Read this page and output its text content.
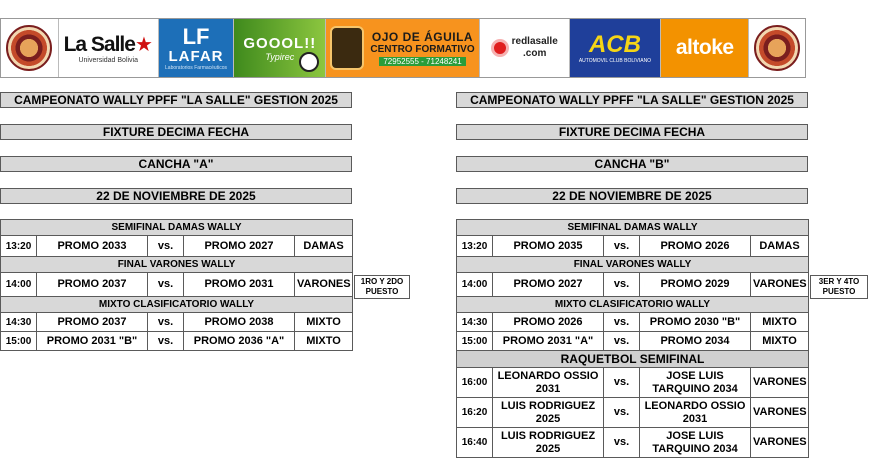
La Salle★
Universidad Bolivia
LF
LAFAR
Laboratorios Farmacéuticos
GOOOL!!
Typirec
OJO DE ÁGUILA
CENTRO FORMATIVO
72952555 - 71248241
redlasalle
.com	ACB
AUTOMOVIL CLUB BOLIVIANO
altoke
CAMPEONATO WALLY PPFF "LA SALLE" GESTION 2025
FIXTURE DECIMA FECHA
CANCHA "A"
22 DE NOVIEMBRE DE 2025
SEMIFINAL DAMAS WALLY				
13:20	PROMO 2033	vs.	PROMO 2027	DAMAS
FINAL VARONES WALLY				
14:00	PROMO 2037	vs.	PROMO 2031	VARONES
MIXTO CLASIFICATORIO WALLY				
14:30	PROMO 2037	vs.	PROMO 2038	MIXTO
15:00	PROMO 2031 "B"	vs.	PROMO 2036 "A"	MIXTO
1RO Y 2DO PUESTO
CAMPEONATO WALLY PPFF "LA SALLE" GESTION 2025
FIXTURE DECIMA FECHA
CANCHA "B"
22 DE NOVIEMBRE DE 2025
SEMIFINAL DAMAS WALLY				
13:20	PROMO 2035	vs.	PROMO 2026	DAMAS
FINAL VARONES WALLY				
14:00	PROMO 2027	vs.	PROMO 2029	VARONES
MIXTO CLASIFICATORIO WALLY				
14:30	PROMO 2026	vs.	PROMO 2030 "B"	MIXTO
15:00	PROMO 2031 "A"	vs.	PROMO 2034	MIXTO
RAQUETBOL SEMIFINAL				
16:00	LEONARDO OSSIO 2031	vs.	JOSE LUIS TARQUINO 2034	VARONES
16:20	LUIS RODRIGUEZ 2025	vs.	LEONARDO OSSIO 2031	VARONES
16:40	LUIS RODRIGUEZ 2025	vs.	JOSE LUIS TARQUINO 2034	VARONES
3ER Y 4TO PUESTO
